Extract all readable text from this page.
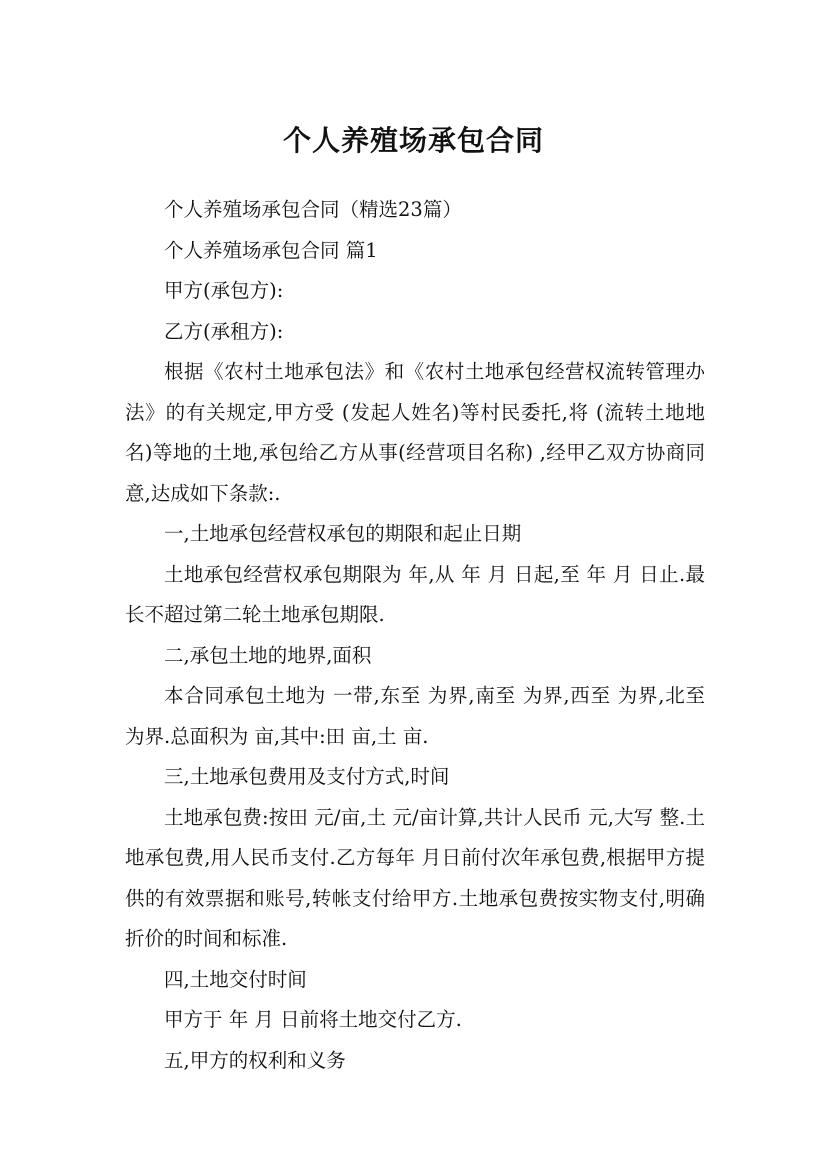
个人养殖场承包合同

个人养殖场承包合同（精选23篇）

个人养殖场承包合同 篇1

甲方(承包方):

乙方(承租方):

根据《农村土地承包法》和《农村土地承包经营权流转管理办法》的有关规定,甲方受 (发起人姓名)等村民委托,将 (流转土地地名)等地的土地,承包给乙方从事(经营项目名称) ,经甲乙双方协商同意,达成如下条款:.

一,土地承包经营权承包的期限和起止日期

土地承包经营权承包期限为 年,从 年 月 日起,至 年 月 日止.最长不超过第二轮土地承包期限.

二,承包土地的地界,面积

本合同承包土地为 一带,东至 为界,南至 为界,西至 为界,北至 为界.总面积为 亩,其中:田 亩,土 亩.

三,土地承包费用及支付方式,时间

土地承包费:按田 元/亩,土 元/亩计算,共计人民币 元,大写 整.土地承包费,用人民币支付.乙方每年 月日前付次年承包费,根据甲方提供的有效票据和账号,转帐支付给甲方.土地承包费按实物支付,明确折价的时间和标准.

四,土地交付时间

甲方于 年 月 日前将土地交付乙方.

五,甲方的权利和义务
